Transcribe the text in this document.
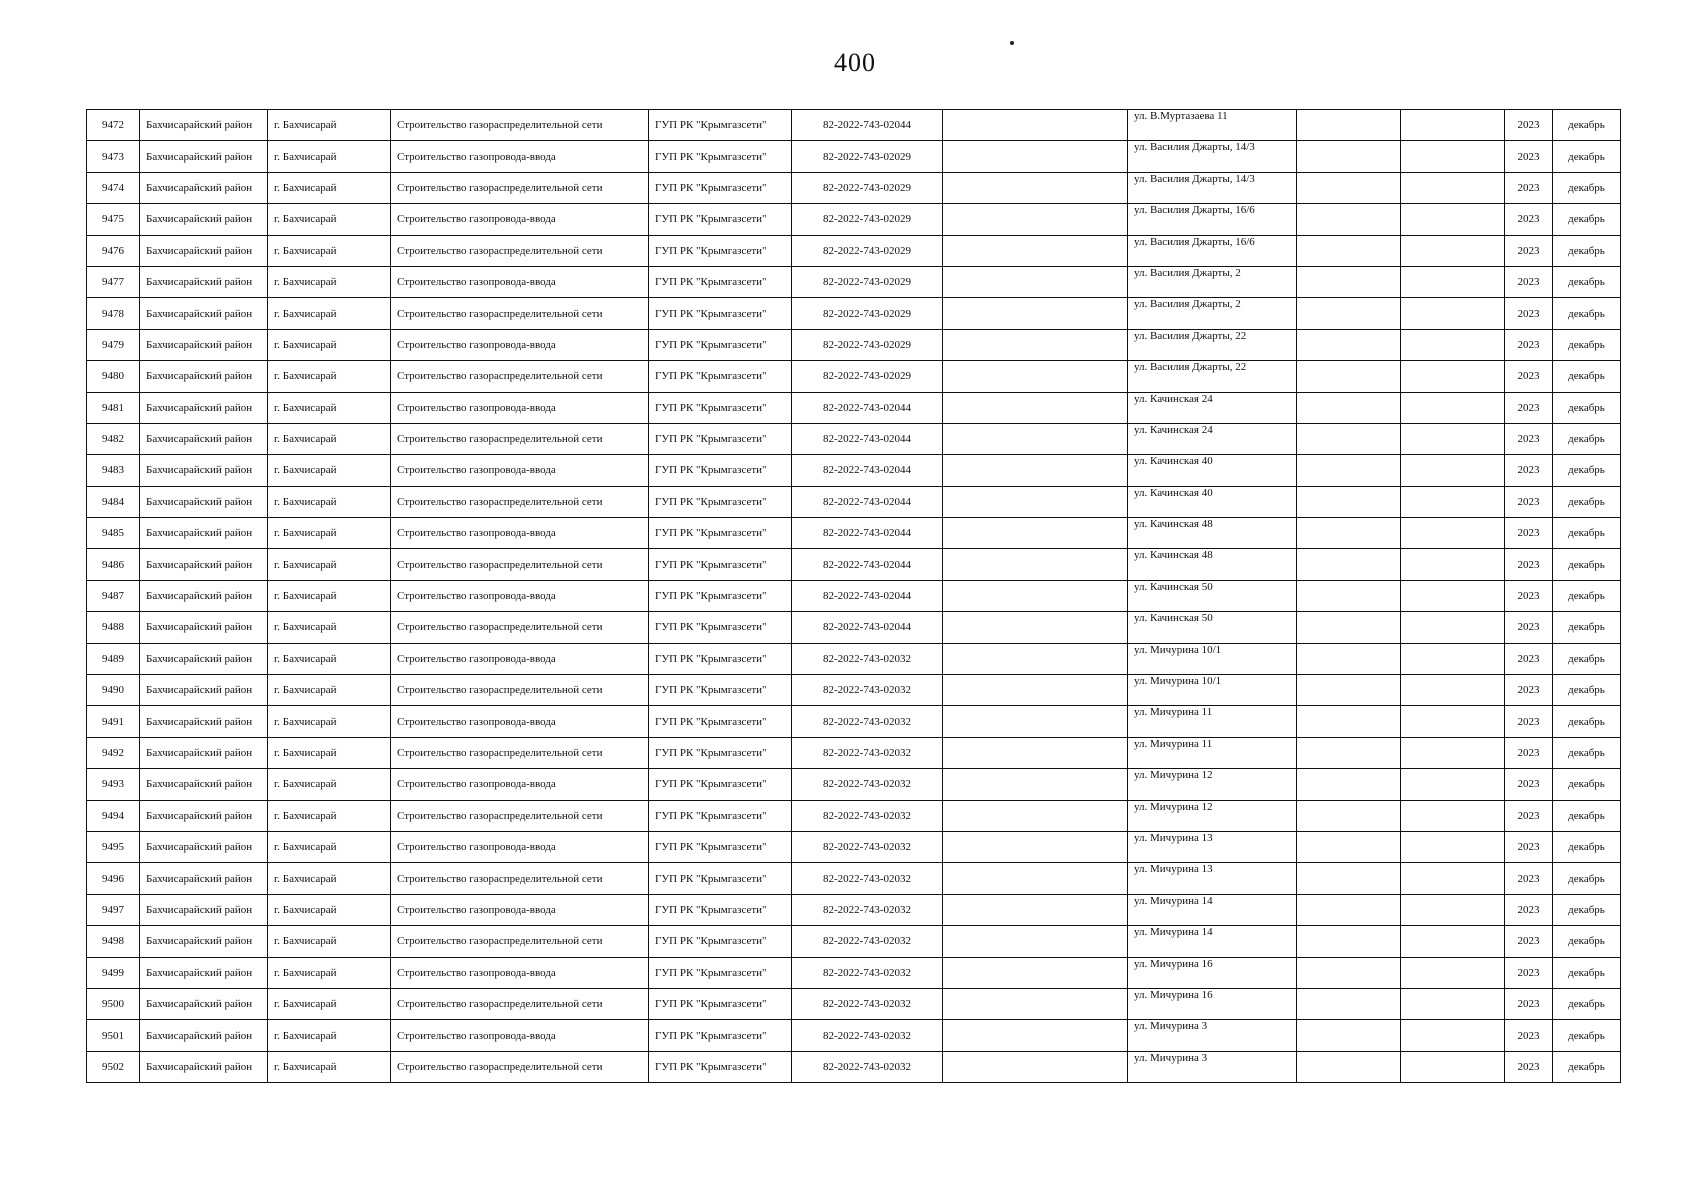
400
9472	Бахчисарайский район	г. Бахчисарай	Строительство газораспределительной сети	ГУП РК "Крымгазсети"	82-2022-743-02044		ул. В.Муртазаева 11			2023	декабрь
9473	Бахчисарайский район	г. Бахчисарай	Строительство газопровода-ввода	ГУП РК "Крымгазсети"	82-2022-743-02029		ул. Василия Джарты, 14/3			2023	декабрь
9474	Бахчисарайский район	г. Бахчисарай	Строительство газораспределительной сети	ГУП РК "Крымгазсети"	82-2022-743-02029		ул. Василия Джарты, 14/3			2023	декабрь
9475	Бахчисарайский район	г. Бахчисарай	Строительство газопровода-ввода	ГУП РК "Крымгазсети"	82-2022-743-02029		ул. Василия Джарты, 16/6			2023	декабрь
9476	Бахчисарайский район	г. Бахчисарай	Строительство газораспределительной сети	ГУП РК "Крымгазсети"	82-2022-743-02029		ул. Василия Джарты, 16/6			2023	декабрь
9477	Бахчисарайский район	г. Бахчисарай	Строительство газопровода-ввода	ГУП РК "Крымгазсети"	82-2022-743-02029		ул. Василия Джарты, 2			2023	декабрь
9478	Бахчисарайский район	г. Бахчисарай	Строительство газораспределительной сети	ГУП РК "Крымгазсети"	82-2022-743-02029		ул. Василия Джарты, 2			2023	декабрь
9479	Бахчисарайский район	г. Бахчисарай	Строительство газопровода-ввода	ГУП РК "Крымгазсети"	82-2022-743-02029		ул. Василия Джарты, 22			2023	декабрь
9480	Бахчисарайский район	г. Бахчисарай	Строительство газораспределительной сети	ГУП РК "Крымгазсети"	82-2022-743-02029		ул. Василия Джарты, 22			2023	декабрь
9481	Бахчисарайский район	г. Бахчисарай	Строительство газопровода-ввода	ГУП РК "Крымгазсети"	82-2022-743-02044		ул. Качинская 24			2023	декабрь
9482	Бахчисарайский район	г. Бахчисарай	Строительство газораспределительной сети	ГУП РК "Крымгазсети"	82-2022-743-02044		ул. Качинская 24			2023	декабрь
9483	Бахчисарайский район	г. Бахчисарай	Строительство газопровода-ввода	ГУП РК "Крымгазсети"	82-2022-743-02044		ул. Качинская 40			2023	декабрь
9484	Бахчисарайский район	г. Бахчисарай	Строительство газораспределительной сети	ГУП РК "Крымгазсети"	82-2022-743-02044		ул. Качинская 40			2023	декабрь
9485	Бахчисарайский район	г. Бахчисарай	Строительство газопровода-ввода	ГУП РК "Крымгазсети"	82-2022-743-02044		ул. Качинская 48			2023	декабрь
9486	Бахчисарайский район	г. Бахчисарай	Строительство газораспределительной сети	ГУП РК "Крымгазсети"	82-2022-743-02044		ул. Качинская 48			2023	декабрь
9487	Бахчисарайский район	г. Бахчисарай	Строительство газопровода-ввода	ГУП РК "Крымгазсети"	82-2022-743-02044		ул. Качинская 50			2023	декабрь
9488	Бахчисарайский район	г. Бахчисарай	Строительство газораспределительной сети	ГУП РК "Крымгазсети"	82-2022-743-02044		ул. Качинская 50			2023	декабрь
9489	Бахчисарайский район	г. Бахчисарай	Строительство газопровода-ввода	ГУП РК "Крымгазсети"	82-2022-743-02032		ул. Мичурина 10/1			2023	декабрь
9490	Бахчисарайский район	г. Бахчисарай	Строительство газораспределительной сети	ГУП РК "Крымгазсети"	82-2022-743-02032		ул. Мичурина 10/1			2023	декабрь
9491	Бахчисарайский район	г. Бахчисарай	Строительство газопровода-ввода	ГУП РК "Крымгазсети"	82-2022-743-02032		ул. Мичурина 11			2023	декабрь
9492	Бахчисарайский район	г. Бахчисарай	Строительство газораспределительной сети	ГУП РК "Крымгазсети"	82-2022-743-02032		ул. Мичурина 11			2023	декабрь
9493	Бахчисарайский район	г. Бахчисарай	Строительство газопровода-ввода	ГУП РК "Крымгазсети"	82-2022-743-02032		ул. Мичурина 12			2023	декабрь
9494	Бахчисарайский район	г. Бахчисарай	Строительство газораспределительной сети	ГУП РК "Крымгазсети"	82-2022-743-02032		ул. Мичурина 12			2023	декабрь
9495	Бахчисарайский район	г. Бахчисарай	Строительство газопровода-ввода	ГУП РК "Крымгазсети"	82-2022-743-02032		ул. Мичурина 13			2023	декабрь
9496	Бахчисарайский район	г. Бахчисарай	Строительство газораспределительной сети	ГУП РК "Крымгазсети"	82-2022-743-02032		ул. Мичурина 13			2023	декабрь
9497	Бахчисарайский район	г. Бахчисарай	Строительство газопровода-ввода	ГУП РК "Крымгазсети"	82-2022-743-02032		ул. Мичурина 14			2023	декабрь
9498	Бахчисарайский район	г. Бахчисарай	Строительство газораспределительной сети	ГУП РК "Крымгазсети"	82-2022-743-02032		ул. Мичурина 14			2023	декабрь
9499	Бахчисарайский район	г. Бахчисарай	Строительство газопровода-ввода	ГУП РК "Крымгазсети"	82-2022-743-02032		ул. Мичурина 16			2023	декабрь
9500	Бахчисарайский район	г. Бахчисарай	Строительство газораспределительной сети	ГУП РК "Крымгазсети"	82-2022-743-02032		ул. Мичурина 16			2023	декабрь
9501	Бахчисарайский район	г. Бахчисарай	Строительство газопровода-ввода	ГУП РК "Крымгазсети"	82-2022-743-02032		ул. Мичурина 3			2023	декабрь
9502	Бахчисарайский район	г. Бахчисарай	Строительство газораспределительной сети	ГУП РК "Крымгазсети"	82-2022-743-02032		ул. Мичурина 3			2023	декабрь
